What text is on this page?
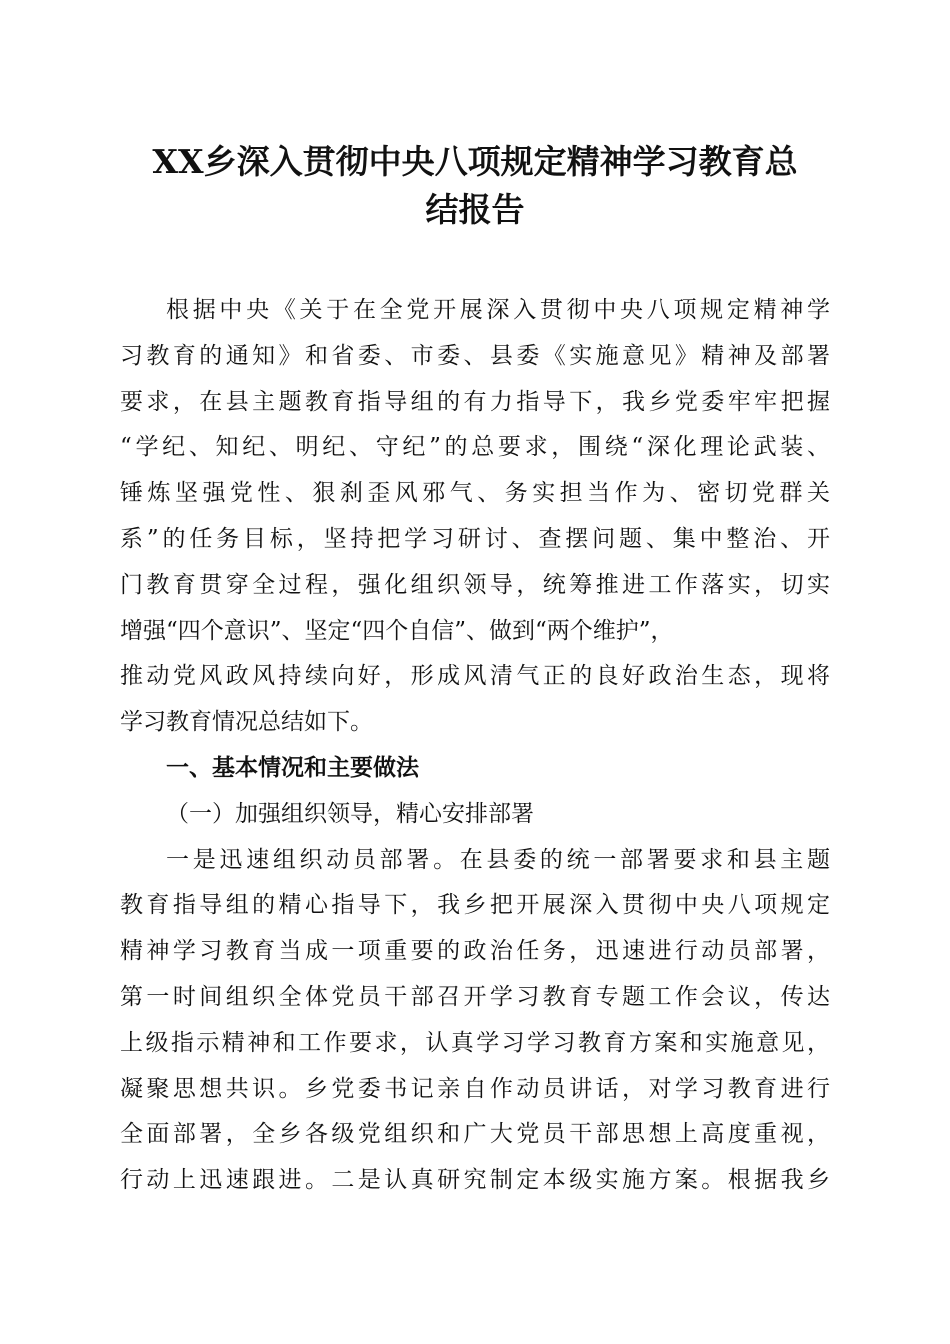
XX乡深入贯彻中央八项规定精神学习教育总
结报告
根据中央《关于在全党开展深入贯彻中央八项规定精神学
习教育的通知》和省委、市委、县委《实施意见》精神及部署
要求，在县主题教育指导组的有力指导下，我乡党委牢牢把握
“学纪、知纪、明纪、守纪”的总要求，围绕“深化理论武装、
锤炼坚强党性、狠刹歪风邪气、务实担当作为、密切党群关
系”的任务目标，坚持把学习研讨、查摆问题、集中整治、开
门教育贯穿全过程，强化组织领导，统筹推进工作落实，切实
增强“四个意识”、坚定“四个自信”、做到“两个维护”，
推动党风政风持续向好，形成风清气正的良好政治生态，现将
学习教育情况总结如下。
一、基本情况和主要做法
（一）加强组织领导，精心安排部署
一是迅速组织动员部署。在县委的统一部署要求和县主题
教育指导组的精心指导下，我乡把开展深入贯彻中央八项规定
精神学习教育当成一项重要的政治任务，迅速进行动员部署，
第一时间组织全体党员干部召开学习教育专题工作会议，传达
上级指示精神和工作要求，认真学习学习教育方案和实施意见，
凝聚思想共识。乡党委书记亲自作动员讲话，对学习教育进行
全面部署，全乡各级党组织和广大党员干部思想上高度重视，
行动上迅速跟进。二是认真研究制定本级实施方案。根据我乡
